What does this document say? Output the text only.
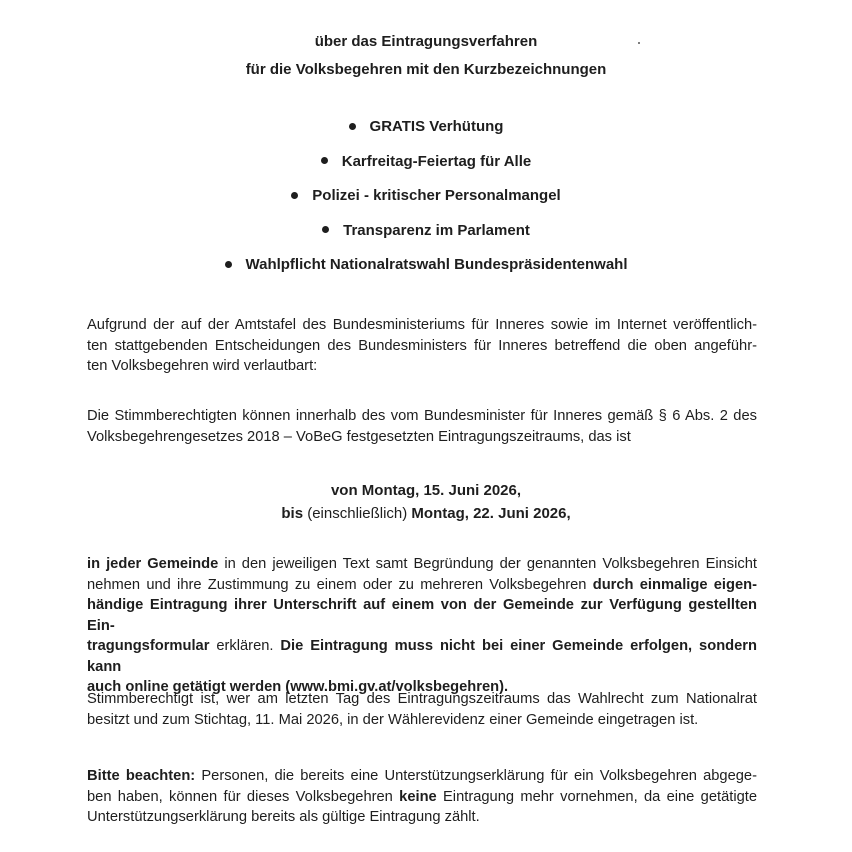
über das Eintragungsverfahren
für die Volksbegehren mit den Kurzbezeichnungen
GRATIS Verhütung
Karfreitag-Feiertag für Alle
Polizei - kritischer Personalmangel
Transparenz im Parlament
Wahlpflicht Nationalratswahl Bundespräsidentenwahl
Aufgrund der auf der Amtstafel des Bundesministeriums für Inneres sowie im Internet veröffentlich-
ten stattgebenden Entscheidungen des Bundesministers für Inneres betreffend die oben angeführ-
ten Volksbegehren wird verlautbart:
Die Stimmberechtigten können innerhalb des vom Bundesminister für Inneres gemäß § 6 Abs. 2 des
Volksbegehrengesetzes 2018 – VoBeG festgesetzten Eintragungszeitraums, das ist
von Montag, 15. Juni 2026,
bis (einschließlich) Montag, 22. Juni 2026,
in jeder Gemeinde in den jeweiligen Text samt Begründung der genannten Volksbegehren Einsicht
nehmen und ihre Zustimmung zu einem oder zu mehreren Volksbegehren durch einmalige eigen-
händige Eintragung ihrer Unterschrift auf einem von der Gemeinde zur Verfügung gestellten Ein-
tragungsformular erklären. Die Eintragung muss nicht bei einer Gemeinde erfolgen, sondern kann
auch online getätigt werden (www.bmi.gv.at/volksbegehren).
Stimmberechtigt ist, wer am letzten Tag des Eintragungszeitraums das Wahlrecht zum Nationalrat
besitzt und zum Stichtag, 11. Mai 2026, in der Wählerevidenz einer Gemeinde eingetragen ist.
Bitte beachten: Personen, die bereits eine Unterstützungserklärung für ein Volksbegehren abgege-
ben haben, können für dieses Volksbegehren keine Eintragung mehr vornehmen, da eine getätigte
Unterstützungserklärung bereits als gültige Eintragung zählt.
